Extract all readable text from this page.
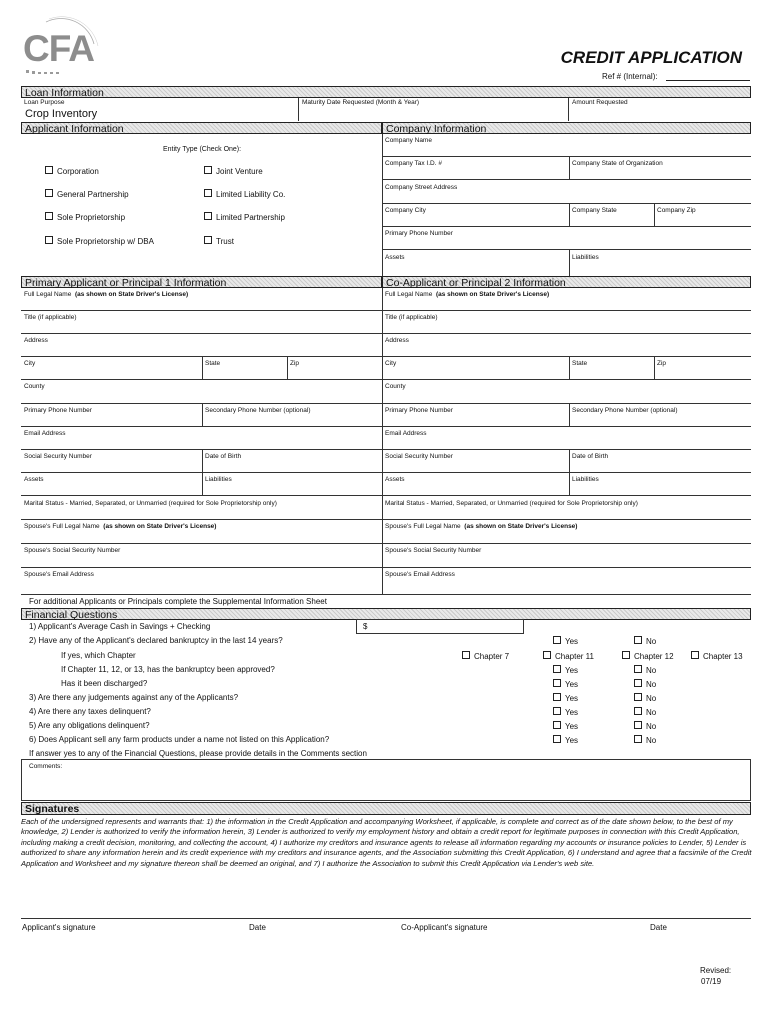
CFA	CREDIT APPLICATION
Ref # (Internal):
Loan Information
Loan Purpose
Crop Inventory
Maturity Date Requested (Month & Year)	Amount Requested
Applicant Information	Company Information
Entity Type (Check One):
Corporation	Joint Venture
General Partnership	Limited Liability Co.
Sole Proprietorship	Limited Partnership
Sole Proprietorship w/ DBA	Trust
Company Name
Company Tax I.D. #	Company State of Organization
Company Street Address
Company City	Company State	Company Zip
Primary Phone Number
Assets	Liabilities
Primary Applicant or Principal 1 Information	Co-Applicant or Principal 2 Information
Full Legal Name (as shown on State Driver's License)
Title (if applicable)
Address
City	State	Zip
County
Primary Phone Number	Secondary Phone Number (optional)
Email Address
Social Security Number	Date of Birth
Assets	Liabilities
Marital Status - Married, Separated, or Unmarried (required for Sole Proprietorship only)
Spouse's Full Legal Name (as shown on State Driver's License)
Spouse's Social Security Number
Spouse's Email Address
Full Legal Name (as shown on State Driver's License)
Title (if applicable)
Address
City	State	Zip
County
Primary Phone Number	Secondary Phone Number (optional)
Email Address
Social Security Number	Date of Birth
Assets	Liabilities
Marital Status - Married, Separated, or Unmarried (required for Sole Proprietorship only)
Spouse's Full Legal Name (as shown on State Driver's License)
Spouse's Social Security Number
Spouse's Email Address
For additional Applicants or Principals complete the Supplemental Information Sheet
Financial Questions
1) Applicant's Average Cash in Savings + Checking	$
2) Have any of the Applicant's declared bankruptcy in the last 14 years?	Yes	No
If yes, which Chapter	Chapter 7	Chapter 11	Chapter 12	Chapter 13
If Chapter 11, 12, or 13, has the bankruptcy been approved?	Yes	No
Has it been discharged?	Yes	No
3) Are there any judgements against any of the Applicants?	Yes	No
4) Are there any taxes delinquent?	Yes	No
5) Are any obligations delinquent?	Yes	No
6) Does Applicant sell any farm products under a name not listed on this Application?	Yes	No
If answer yes to any of the Financial Questions, please provide details in the Comments section
Comments:
Signatures
Each of the undersigned represents and warrants that: 1) the information in the Credit Application and accompanying Worksheet, if applicable, is complete and correct as of the date shown below, to the best of my knowledge, 2) Lender is authorized to verify the information herein, 3) Lender is authorized to verify my employment history and obtain a credit report for legitimate purposes in connection with this Credit Application, including making a credit decision, monitoring, and collecting the account, 4) I authorize my creditors and insurance agents to release all information regarding my accounts or insurance policies to Lender, 5) Lender is authorized to share any information herein and its credit experience with my creditors and insurance agents, and the Association submitting this Credit Application, 6) I understand and agree that a facsimile of the Credit Application and Worksheet and my signature thereon shall be deemed an original, and 7) I authorize the Association to submit this Credit Application via Lender's web site.
Applicant's signature	Date	Co-Applicant's signature	Date
Revised:
07/19
